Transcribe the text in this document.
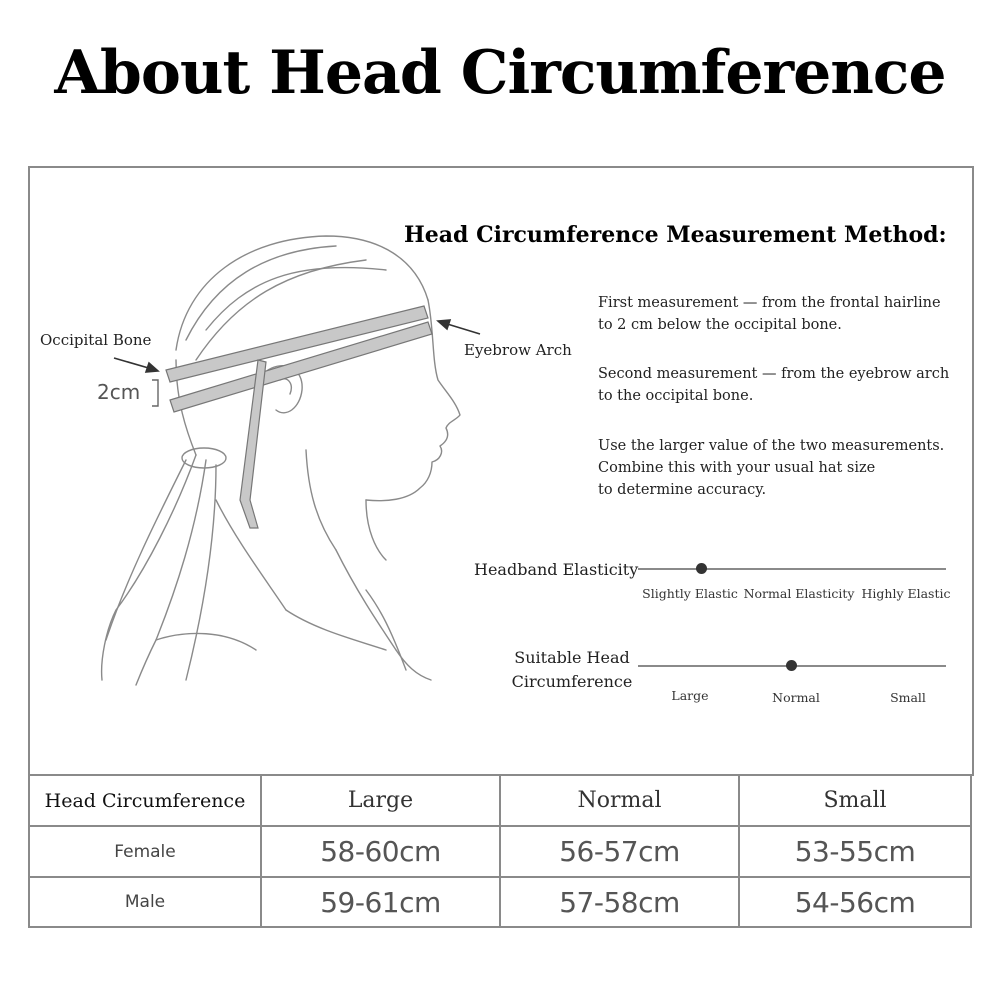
About Head Circumference
Occipital Bone
2cm
Eyebrow Arch
Head Circumference Measurement Method:
First measurement — from the frontal hairline
to 2 cm below the occipital bone.
Second measurement — from the eyebrow arch
to the occipital bone.
Use the larger value of the two measurements.
Combine this with your usual hat size
to determine accuracy.
Headband Elasticity
Slightly Elastic Normal Elasticity Highly Elastic
Suitable Head
Circumference
Large	Normal	Small
Head Circumference	Large	Normal	Small
Female	58-60cm	56-57cm	53-55cm
Male	59-61cm	57-58cm	54-56cm
